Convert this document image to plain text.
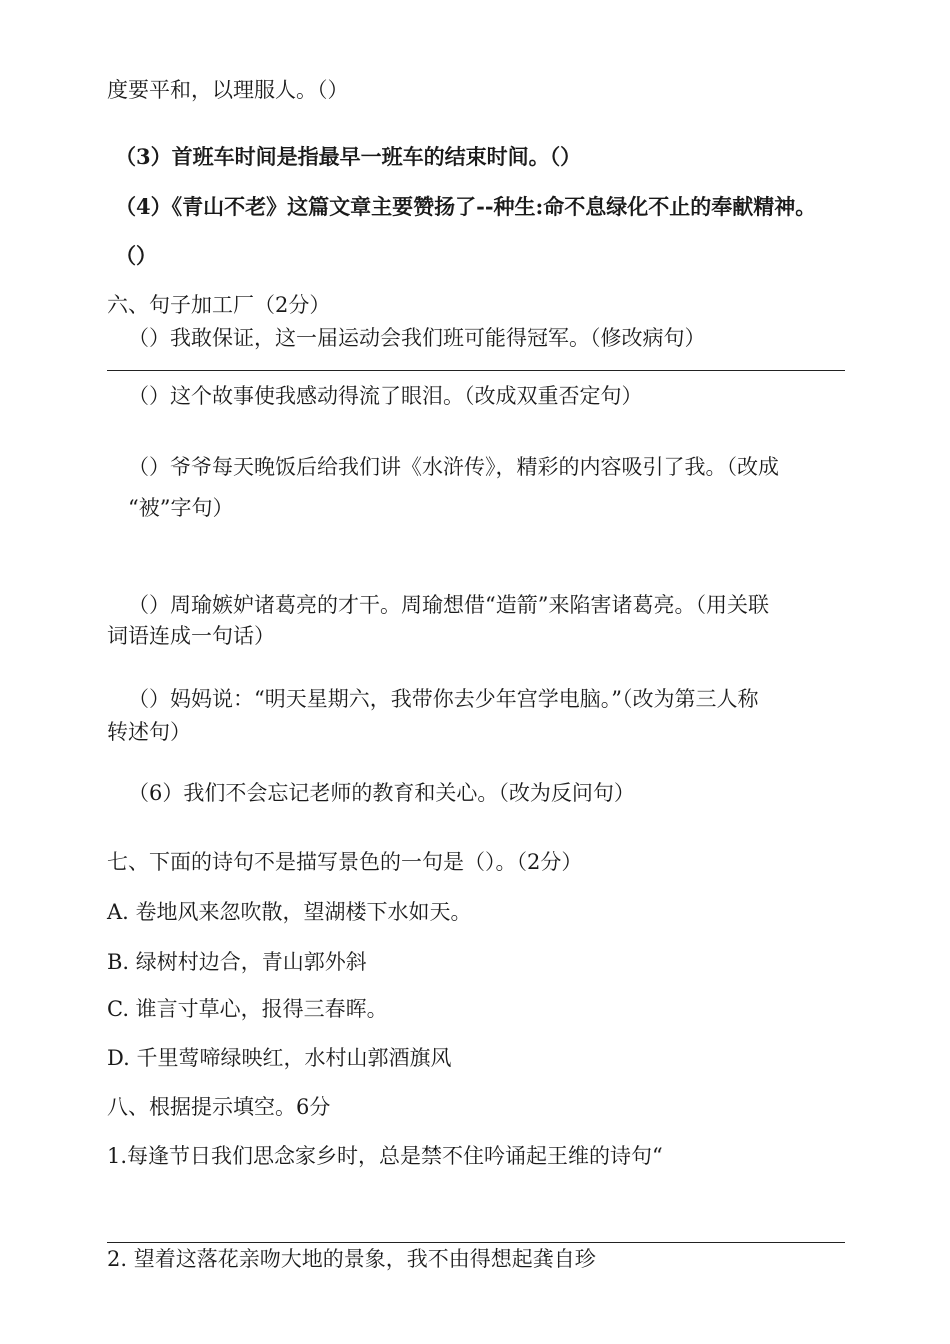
度要平和，以理服人。（）
（3）首班车时间是指最早一班车的结束时间。（）
（4）《青山不老》这篇文章主要赞扬了--种生:命不息绿化不止的奉献精神。
（）
六、句子加工厂（2分）
（）我敢保证，这一届运动会我们班可能得冠军。（修改病句）
（）这个故事使我感动得流了眼泪。（改成双重否定句）
（）爷爷每天晚饭后给我们讲《水浒传》，精彩的内容吸引了我。（改成
“被”字句）
（）周瑜嫉妒诸葛亮的才干。周瑜想借“造箭”来陷害诸葛亮。（用关联
词语连成一句话）
（）妈妈说：“明天星期六，我带你去少年宫学电脑。”（改为第三人称
转述句）
（6）我们不会忘记老师的教育和关心。（改为反问句）
七、下面的诗句不是描写景色的一句是（）。（2分）
A. 卷地风来忽吹散，望湖楼下水如天。
B. 绿树村边合，青山郭外斜
C. 谁言寸草心，报得三春晖。
D. 千里莺啼绿映红，水村山郭酒旗风
八、根据提示填空。6分
1.每逢节日我们思念家乡时，总是禁不住吟诵起王维的诗句“
2. 望着这落花亲吻大地的景象，我不由得想起龚自珍
